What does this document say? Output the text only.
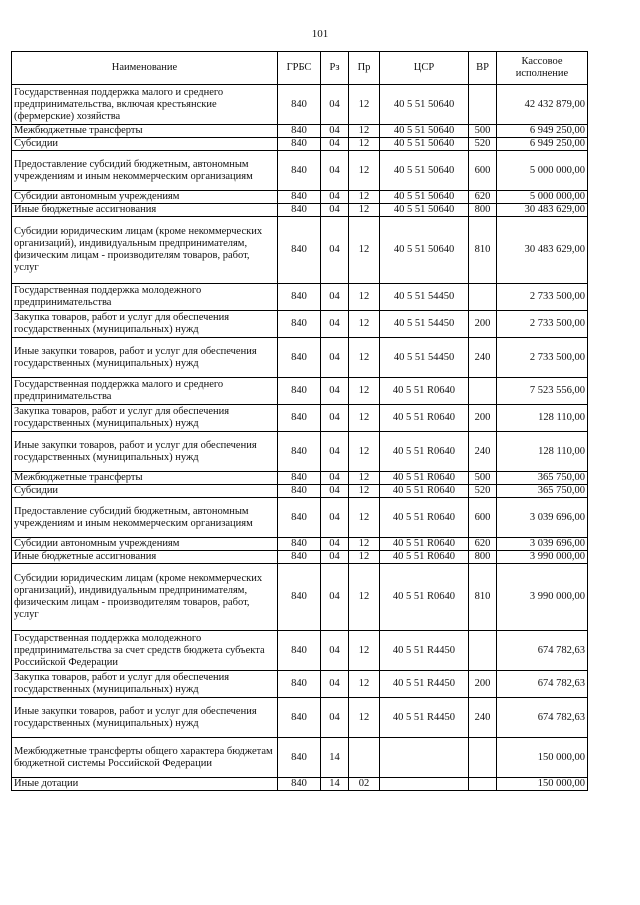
101
Наименование	ГРБС	Рз	Пр	ЦСР	ВР	Кассовое исполнение
Государственная поддержка малого и среднего предпринимательства, включая крестьянские (фермерские) хозяйства	840	04	12	40 5 51 50640		42 432 879,00
Межбюджетные трансферты	840	04	12	40 5 51 50640	500	6 949 250,00
Субсидии	840	04	12	40 5 51 50640	520	6 949 250,00
Предоставление субсидий бюджетным, автономным учреждениям и иным некоммерческим организациям	840	04	12	40 5 51 50640	600	5 000 000,00
Субсидии автономным учреждениям	840	04	12	40 5 51 50640	620	5 000 000,00
Иные бюджетные ассигнования	840	04	12	40 5 51 50640	800	30 483 629,00
Субсидии юридическим лицам (кроме некоммерческих организаций), индивидуальным предпринимателям, физическим лицам - производителям товаров, работ, услуг	840	04	12	40 5 51 50640	810	30 483 629,00
Государственная поддержка молодежного предпринимательства	840	04	12	40 5 51 54450		2 733 500,00
Закупка товаров, работ и услуг для обеспечения государственных (муниципальных) нужд	840	04	12	40 5 51 54450	200	2 733 500,00
Иные закупки товаров, работ и услуг для обеспечения государственных (муниципальных) нужд	840	04	12	40 5 51 54450	240	2 733 500,00
Государственная поддержка малого и среднего предпринимательства	840	04	12	40 5 51 R0640		7 523 556,00
Закупка товаров, работ и услуг для обеспечения государственных (муниципальных) нужд	840	04	12	40 5 51 R0640	200	128 110,00
Иные закупки товаров, работ и услуг для обеспечения государственных (муниципальных) нужд	840	04	12	40 5 51 R0640	240	128 110,00
Межбюджетные трансферты	840	04	12	40 5 51 R0640	500	365 750,00
Субсидии	840	04	12	40 5 51 R0640	520	365 750,00
Предоставление субсидий бюджетным, автономным учреждениям и иным некоммерческим организациям	840	04	12	40 5 51 R0640	600	3 039 696,00
Субсидии автономным учреждениям	840	04	12	40 5 51 R0640	620	3 039 696,00
Иные бюджетные ассигнования	840	04	12	40 5 51 R0640	800	3 990 000,00
Субсидии юридическим лицам (кроме некоммерческих организаций), индивидуальным предпринимателям, физическим лицам - производителям товаров, работ, услуг	840	04	12	40 5 51 R0640	810	3 990 000,00
Государственная поддержка молодежного предпринимательства за счет средств бюджета субъекта Российской Федерации	840	04	12	40 5 51 R4450		674 782,63
Закупка товаров, работ и услуг для обеспечения государственных (муниципальных) нужд	840	04	12	40 5 51 R4450	200	674 782,63
Иные закупки товаров, работ и услуг для обеспечения государственных (муниципальных) нужд	840	04	12	40 5 51 R4450	240	674 782,63
Межбюджетные трансферты общего характера бюджетам бюджетной системы Российской Федерации	840	14				150 000,00
Иные дотации	840	14	02			150 000,00
